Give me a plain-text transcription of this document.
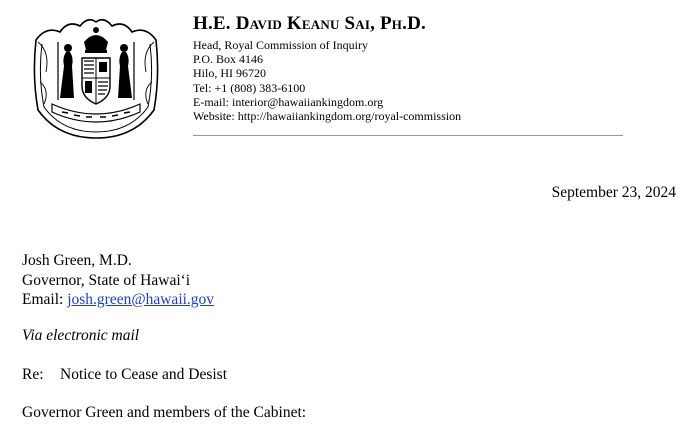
H.E. David Keanu Sai, Ph.D.
Head, Royal Commission of Inquiry
P.O. Box 4146
Hilo, HI 96720
Tel: +1 (808) 383-6100
E-mail: interior@hawaiiankingdom.org
Website: http://hawaiiankingdom.org/royal-commission
September 23, 2024
Josh Green, M.D.
Governor, State of Hawai‘i
Email: josh.green@hawaii.gov
Via electronic mail
Re: Notice to Cease and Desist
Governor Green and members of the Cabinet:
